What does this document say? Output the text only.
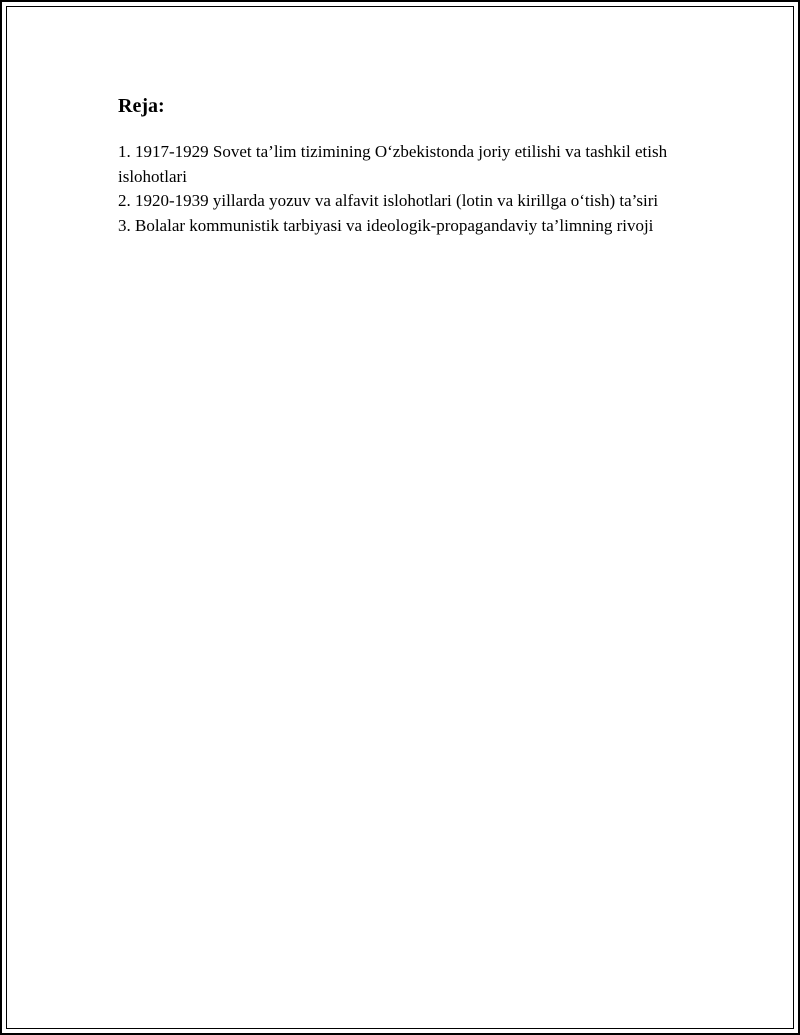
Reja:
1. 1917-1929 Sovet ta’lim tizimining O‘zbekistonda joriy etilishi va tashkil etish islohotlari
2. 1920-1939 yillarda yozuv va alfavit islohotlari (lotin va kirillga o‘tish) ta’siri
3. Bolalar kommunistik tarbiyasi va ideologik-propagandaviy ta’limning rivoji
